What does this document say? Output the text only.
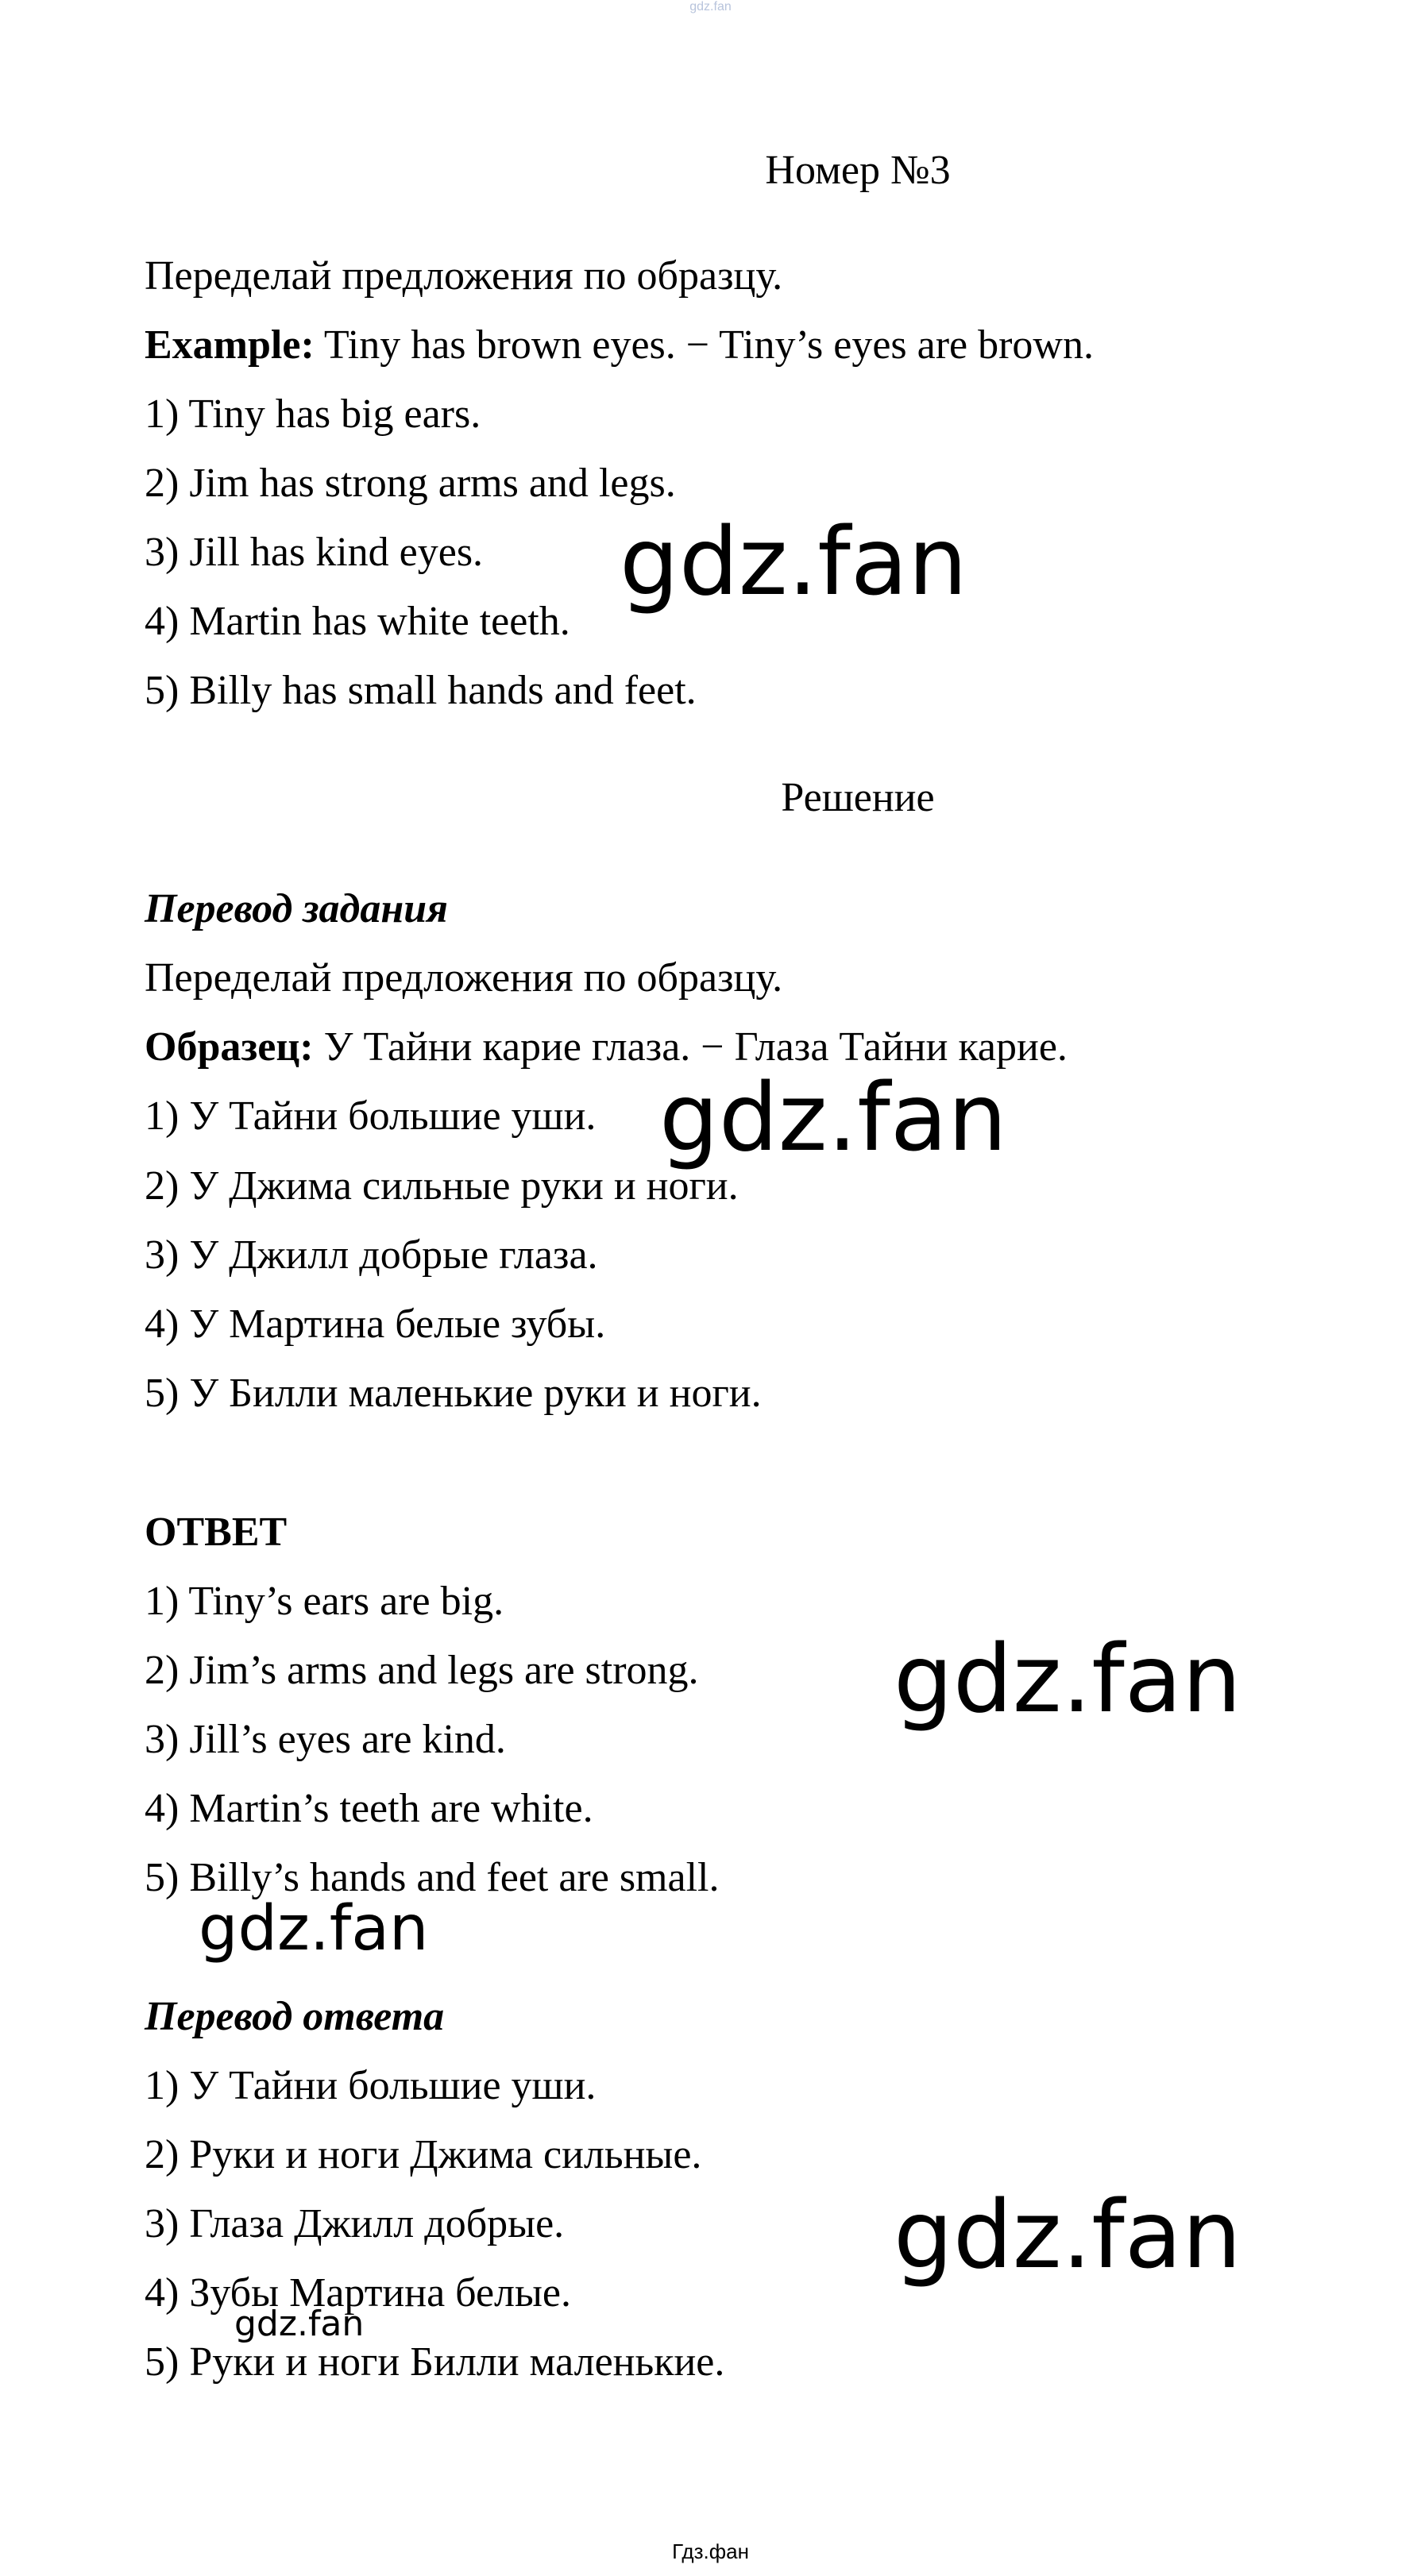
gdz.fan
Номер №3
Переделай предложения по образцу.
Example: Tiny has brown eyes. − Tiny’s eyes are brown.
1) Tiny has big ears.
2) Jim has strong arms and legs.
3) Jill has kind eyes.
4) Martin has white teeth.
5) Billy has small hands and feet.
Решение
Перевод задания
Переделай предложения по образцу.
Образец: У Тайни карие глаза. − Глаза Тайни карие.
1) У Тайни большие уши.
2) У Джима сильные руки и ноги.
3) У Джилл добрые глаза.
4) У Мартина белые зубы.
5) У Билли маленькие руки и ноги.
ОТВЕТ
1) Tiny’s ears are big.
2) Jim’s arms and legs are strong.
3) Jill’s eyes are kind.
4) Martin’s teeth are white.
5) Billy’s hands and feet are small.
Перевод ответа
1) У Тайни большие уши.
2) Руки и ноги Джима сильные.
3) Глаза Джилл добрые.
4) Зубы Мартина белые.
5) Руки и ноги Билли маленькие.
gdz.fan
gdz.fan
gdz.fan
gdz.fan
gdz.fan
gdz.fan
Гдз.фан
